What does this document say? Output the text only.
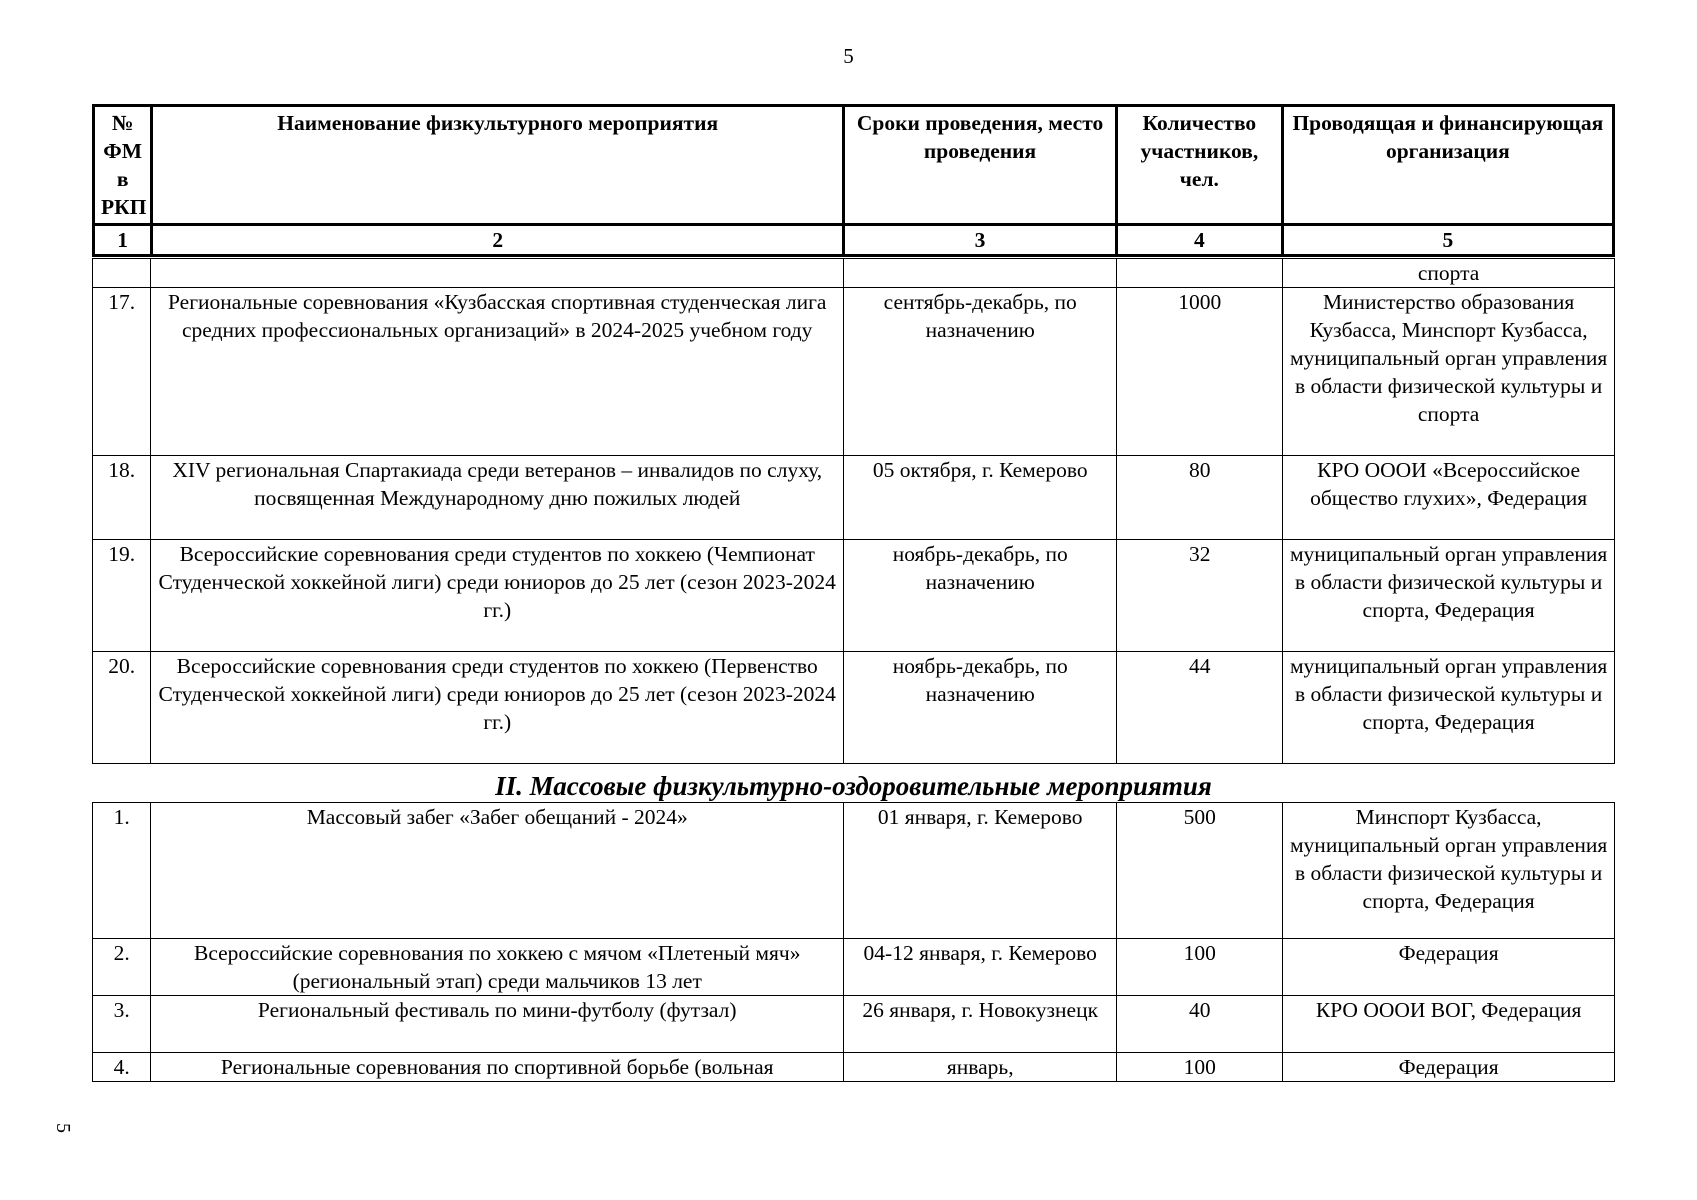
5
№ ФМ в РКП	Наименование физкультурного мероприятия	Сроки проведения, место проведения	Количество участников, чел.	Проводящая и финансирующая организация
1	2	3	4	5
				спорта
17.	Региональные соревнования «Кузбасская спортивная студенческая лига средних профессиональных организаций» в 2024-2025 учебном году	сентябрь-декабрь, по назначению	1000	Министерство образования Кузбасса, Минспорт Кузбасса, муниципальный орган управления в области физической культуры и спорта
18.	XIV региональная Спартакиада среди ветеранов – инвалидов по слуху, посвященная Международному дню пожилых людей	05 октября, г. Кемерово	80	КРО ОООИ «Всероссийское общество глухих», Федерация
19.	Всероссийские соревнования среди студентов по хоккею (Чемпионат Студенческой хоккейной лиги) среди юниоров до 25 лет (сезон 2023-2024 гг.)	ноябрь-декабрь, по назначению	32	муниципальный орган управления в области физической культуры и спорта, Федерация
20.	Всероссийские соревнования среди студентов по хоккею (Первенство Студенческой хоккейной лиги) среди юниоров до 25 лет (сезон 2023-2024 гг.)	ноябрь-декабрь, по назначению	44	муниципальный орган управления в области физической культуры и спорта, Федерация
II. Массовые физкультурно-оздоровительные мероприятия
1.	Массовый забег «Забег обещаний - 2024»	01 января, г. Кемерово	500	Минспорт Кузбасса, муниципальный орган управления в области физической культуры и спорта, Федерация
2.	Всероссийские соревнования по хоккею с мячом «Плетеный мяч» (региональный этап) среди мальчиков 13 лет	04-12 января, г. Кемерово	100	Федерация
3.	Региональный фестиваль по мини-футболу (футзал)	26 января, г. Новокузнецк	40	КРО ОООИ ВОГ, Федерация
4.	Региональные соревнования по спортивной борьбе (вольная	январь,	100	Федерация
5
